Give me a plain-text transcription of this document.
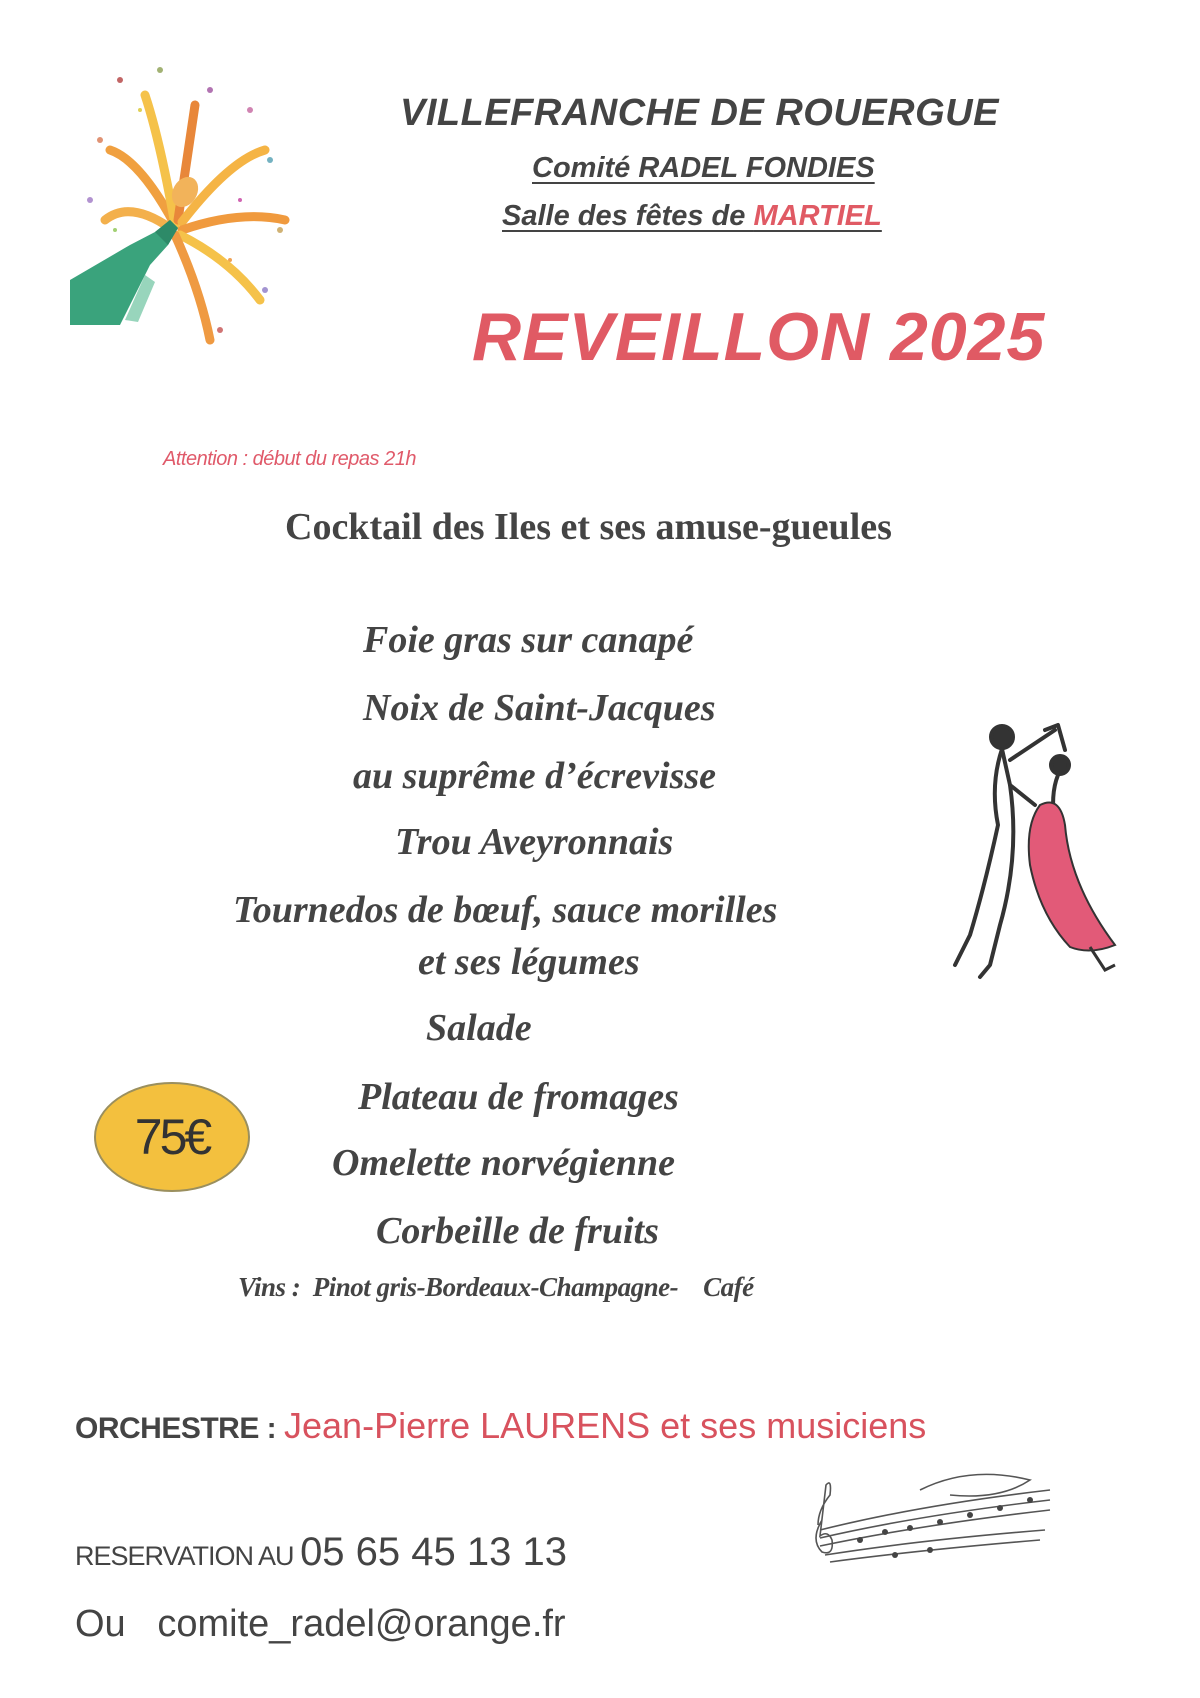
VILLEFRANCHE DE ROUERGUE
Comité RADEL FONDIES
Salle des fêtes de MARTIEL
REVEILLON 2025
Attention : début du repas 21h
Cocktail des Iles et ses amuse-gueules
Foie gras sur canapé
Noix de Saint-Jacques
au suprême d’écrevisse
Trou Aveyronnais
Tournedos de bœuf, sauce morilles
et ses légumes
Salade
Plateau de fromages
Omelette norvégienne
Corbeille de fruits
Vins :  Pinot gris-Bordeaux-Champagne-    Café
75€
ORCHESTRE : Jean-Pierre LAURENS et ses musiciens
RESERVATION AU 05 65 45 13 13
Ou   comite_radel@orange.fr
